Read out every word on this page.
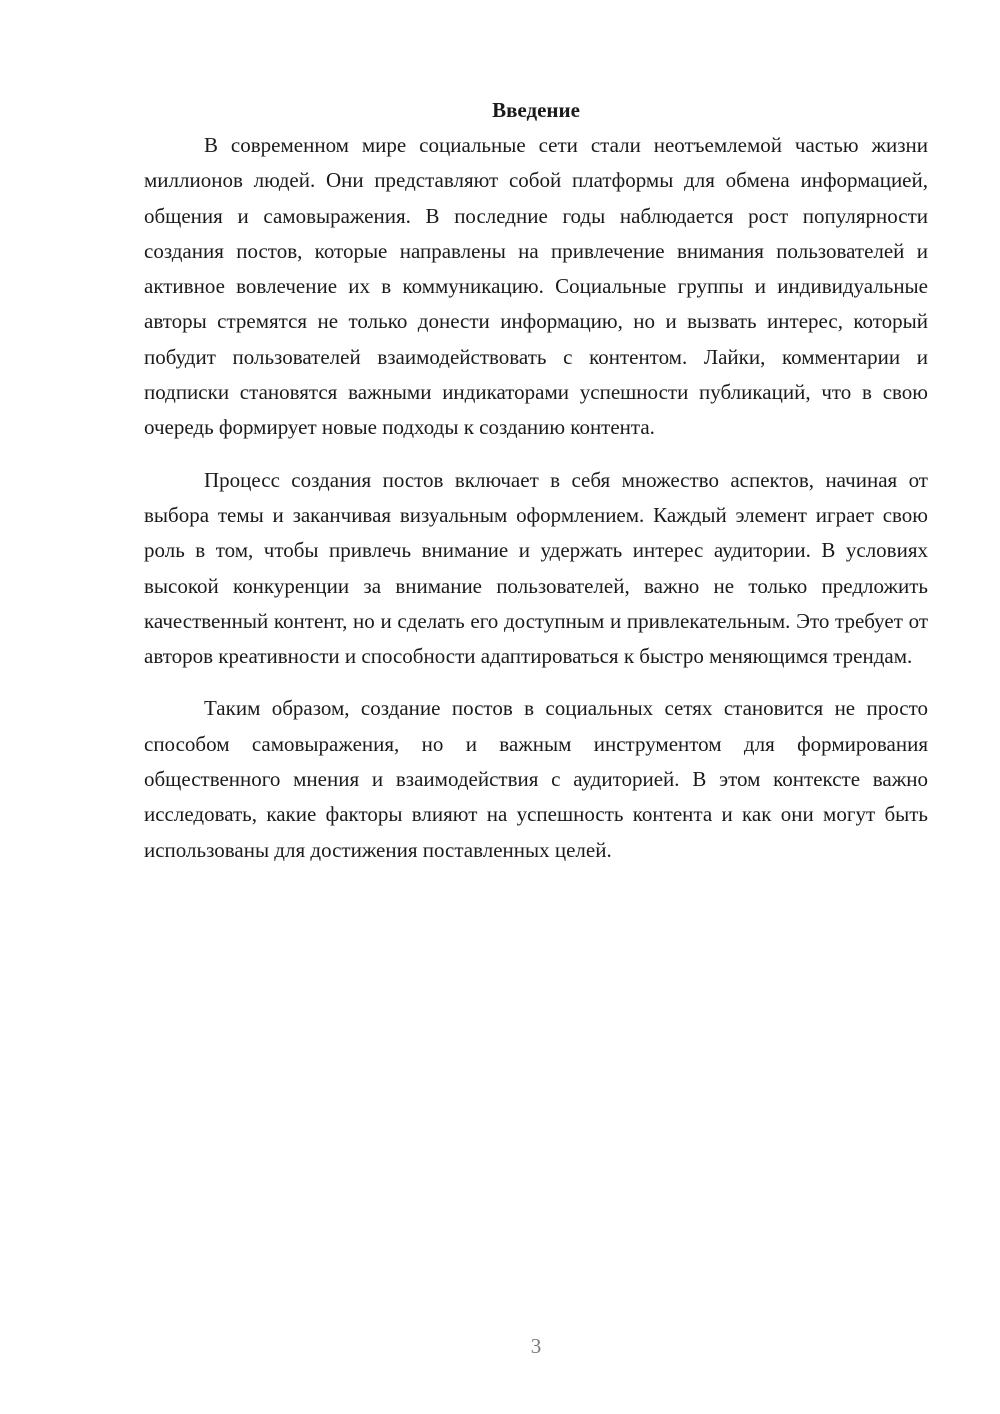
Введение

В современном мире социальные сети стали неотъемлемой частью жизни миллионов людей. Они представляют собой платформы для обмена информацией, общения и самовыражения. В последние годы наблюдается рост популярности создания постов, которые направлены на привлечение внимания пользователей и активное вовлечение их в коммуникацию. Социальные группы и индивидуальные авторы стремятся не только донести информацию, но и вызвать интерес, который побудит пользователей взаимодействовать с контентом. Лайки, комментарии и подписки становятся важными индикаторами успешности публикаций, что в свою очередь формирует новые подходы к созданию контента.

Процесс создания постов включает в себя множество аспектов, начиная от выбора темы и заканчивая визуальным оформлением. Каждый элемент играет свою роль в том, чтобы привлечь внимание и удержать интерес аудитории. В условиях высокой конкуренции за внимание пользователей, важно не только предложить качественный контент, но и сделать его доступным и привлекательным. Это требует от авторов креативности и способности адаптироваться к быстро меняющимся трендам.

Таким образом, создание постов в социальных сетях становится не просто способом самовыражения, но и важным инструментом для формирования общественного мнения и взаимодействия с аудиторией. В этом контексте важно исследовать, какие факторы влияют на успешность контента и как они могут быть использованы для достижения поставленных целей.

3
